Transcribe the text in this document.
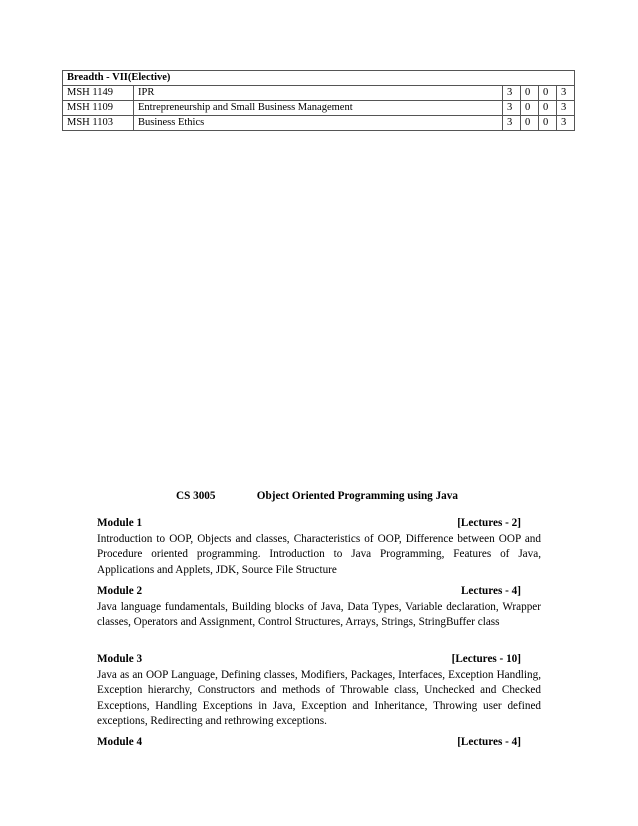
Breadth - VII(Elective)					
MSH 1149	IPR	3	0	0	3
MSH 1109	Entrepreneurship and Small Business Management	3	0	0	3
MSH 1103	Business Ethics	3	0	0	3
CS 3005	Object Oriented Programming using Java
Module 1	[Lectures - 2]
Introduction to OOP, Objects and classes, Characteristics of OOP, Difference between OOP and Procedure oriented programming. Introduction to Java Programming, Features of Java, Applications and Applets, JDK, Source File Structure
Module 2	Lectures - 4]
Java language fundamentals, Building blocks of Java, Data Types, Variable declaration, Wrapper classes, Operators and Assignment, Control Structures, Arrays, Strings, StringBuffer class
Module 3	[Lectures - 10]
Java as an OOP Language, Defining classes, Modifiers, Packages, Interfaces, Exception Handling, Exception hierarchy, Constructors and methods of Throwable class, Unchecked and Checked Exceptions, Handling Exceptions in Java, Exception and Inheritance, Throwing user defined exceptions, Redirecting and rethrowing exceptions.
Module 4	[Lectures - 4]
